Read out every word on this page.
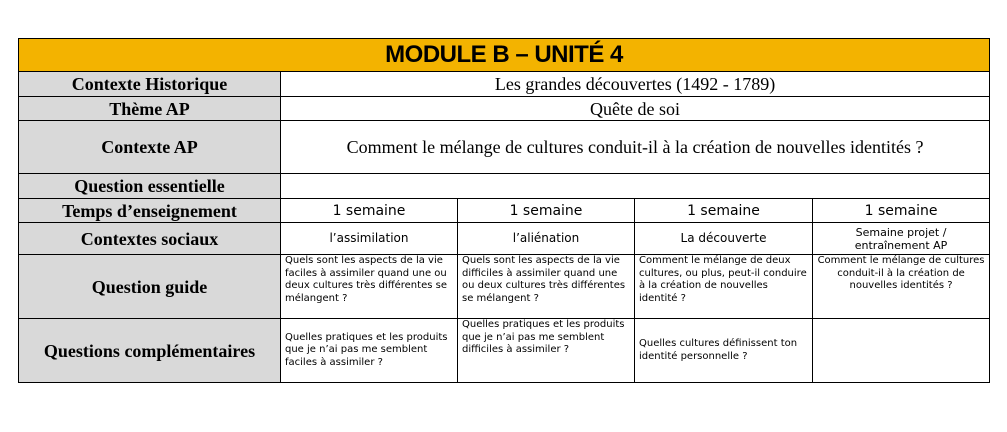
MODULE B – UNITÉ 4				
Contexte Historique	Les grandes découvertes (1492 - 1789)			
Thème AP	Quête de soi			
Contexte AP	Comment le mélange de cultures conduit-il à la création de nouvelles identités ?			
Question essentielle				
Temps d’enseignement	1 semaine	1 semaine	1 semaine	1 semaine
Contextes sociaux	l’assimilation	l’aliénation	La découverte	Semaine projet / entraînement AP
Question guide	Quels sont les aspects de la vie faciles à assimiler quand une ou deux cultures très différentes se mélangent ?	Quels sont les aspects de la vie difficiles à assimiler quand une ou deux cultures très différentes se mélangent ?	Comment le mélange de deux cultures, ou plus, peut-il conduire à la création de nouvelles identité ?	Comment le mélange de cultures conduit-il à la création de nouvelles identités ?
Questions complémentaires	Quelles pratiques et les produits que je n’ai pas me semblent faciles à assimiler ?	Quelles pratiques et les produits que je n’ai pas me semblent difficiles à assimiler ?	Quelles cultures définissent ton identité personnelle ?	
